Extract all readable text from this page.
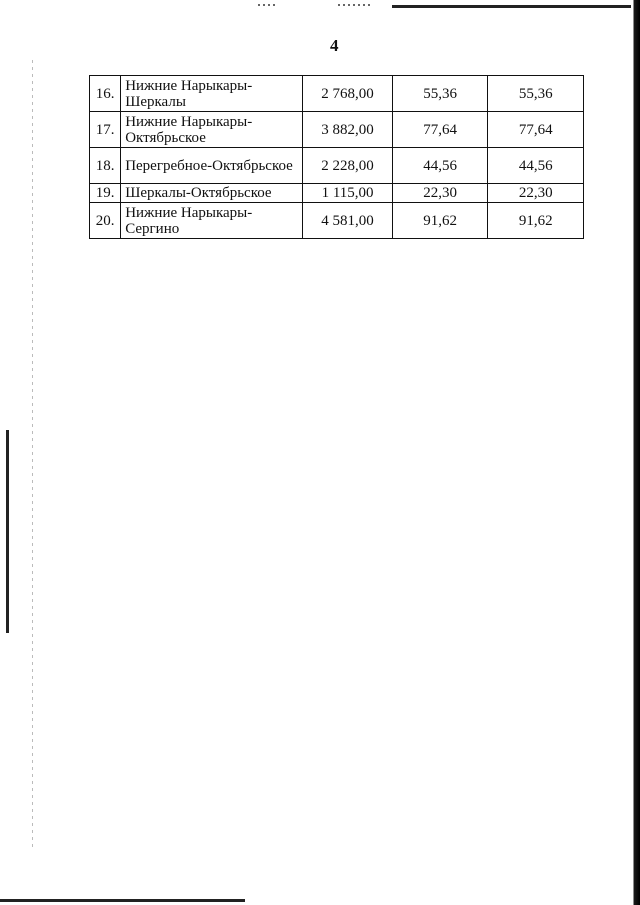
4
16.	Нижние Нарыкары-Шеркалы	2 768,00	55,36	55,36
17.	Нижние Нарыкары-Октябрьское	3 882,00	77,64	77,64
18.	Перегребное-Октябрьское	2 228,00	44,56	44,56
19.	Шеркалы-Октябрьское	1 115,00	22,30	22,30
20.	Нижние Нарыкары-Сергино	4 581,00	91,62	91,62
